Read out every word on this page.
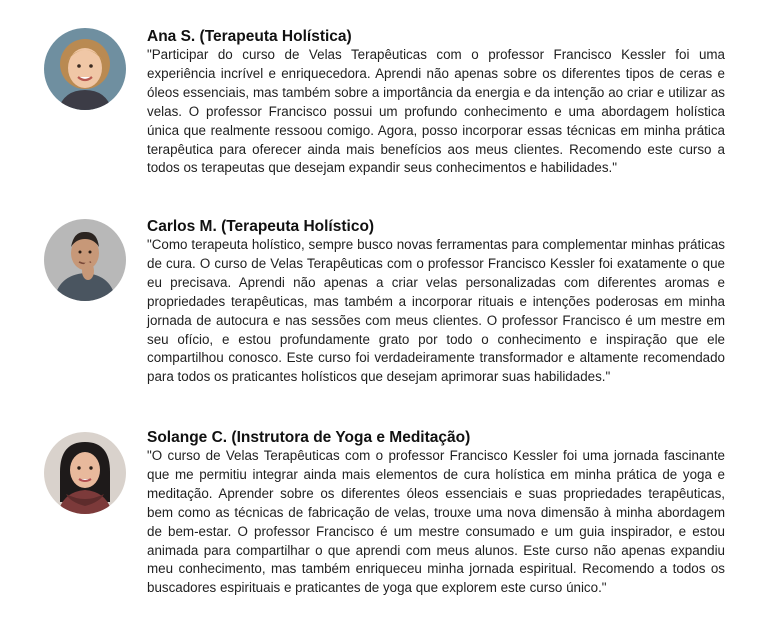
Ana S. (Terapeuta Holística)

"Participar do curso de Velas Terapêuticas com o professor Francisco Kessler foi uma experiência incrível e enriquecedora. Aprendi não apenas sobre os diferentes tipos de ceras e óleos essenciais, mas também sobre a importância da energia e da intenção ao criar e utilizar as velas. O professor Francisco possui um profundo conhecimento e uma abordagem holística única que realmente ressoou comigo. Agora, posso incorporar essas técnicas em minha prática terapêutica para oferecer ainda mais benefícios aos meus clientes. Recomendo este curso a todos os terapeutas que desejam expandir seus conhecimentos e habilidades."

Carlos M. (Terapeuta Holístico)

"Como terapeuta holístico, sempre busco novas ferramentas para complementar minhas práticas de cura. O curso de Velas Terapêuticas com o professor Francisco Kessler foi exatamente o que eu precisava. Aprendi não apenas a criar velas personalizadas com diferentes aromas e propriedades terapêuticas, mas também a incorporar rituais e intenções poderosas em minha jornada de autocura e nas sessões com meus clientes. O professor Francisco é um mestre em seu ofício, e estou profundamente grato por todo o conhecimento e inspiração que ele compartilhou conosco. Este curso foi verdadeiramente transformador e altamente recomendado para todos os praticantes holísticos que desejam aprimorar suas habilidades."

Solange C. (Instrutora de Yoga e Meditação)

"O curso de Velas Terapêuticas com o professor Francisco Kessler foi uma jornada fascinante que me permitiu integrar ainda mais elementos de cura holística em minha prática de yoga e meditação. Aprender sobre os diferentes óleos essenciais e suas propriedades terapêuticas, bem como as técnicas de fabricação de velas, trouxe uma nova dimensão à minha abordagem de bem-estar. O professor Francisco é um mestre consumado e um guia inspirador, e estou animada para compartilhar o que aprendi com meus alunos. Este curso não apenas expandiu meu conhecimento, mas também enriqueceu minha jornada espiritual. Recomendo a todos os buscadores espirituais e praticantes de yoga que explorem este curso único."
